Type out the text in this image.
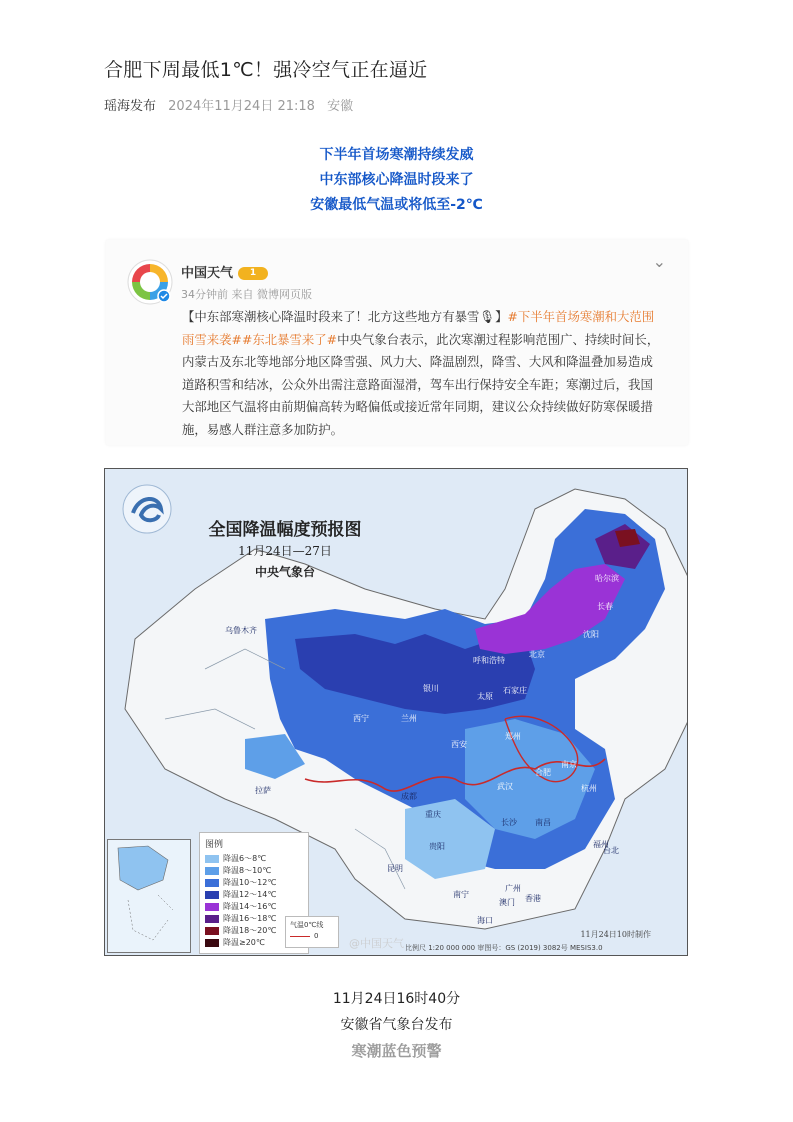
合肥下周最低1℃！强冷空气正在逼近
瑶海发布 2024年11月24日 21:18 安徽
下半年首场寒潮持续发威
中东部核心降温时段来了
安徽最低气温或将低至-2℃
中国天气 1
34分钟前 来自 微博网页版
⌄
【中东部寒潮核心降温时段来了！北方这些地方有暴雪🎙】#下半年首场寒潮和大范围雨雪来袭##东北暴雪来了#中央气象台表示，此次寒潮过程影响范围广、持续时间长，内蒙古及东北等地部分地区降雪强、风力大、降温剧烈，降雪、大风和降温叠加易造成道路积雪和结冰，公众外出需注意路面湿滑，驾车出行保持安全车距；寒潮过后，我国大部地区气温将由前期偏高转为略偏低或接近常年同期，建议公众持续做好防寒保暖措施，易感人群注意多加防护。
全国降温幅度预报图
11月24日—27日
中央气象台
乌鲁木齐
哈尔滨
长春
沈阳
呼和浩特
北京
银川
太原
石家庄
西宁	兰州
西安
郑州
合肥
南京
武汉	杭州
拉萨
成都
重庆
贵阳
昆明
长沙 南昌
福州
台北
南宁
广州
澳门 香港
海口
图例
降温6～8℃
降温8～10℃
降温10～12℃
降温12～14℃
降温14～16℃
降温16～18℃
降温18～20℃
降温≥20℃
气温0℃线
0
@中国天气 比例尺 1:20 000 000 审图号：GS (2019) 3082号 MESIS3.0
11月24日10时制作
11月24日16时40分
安徽省气象台发布
寒潮蓝色预警
